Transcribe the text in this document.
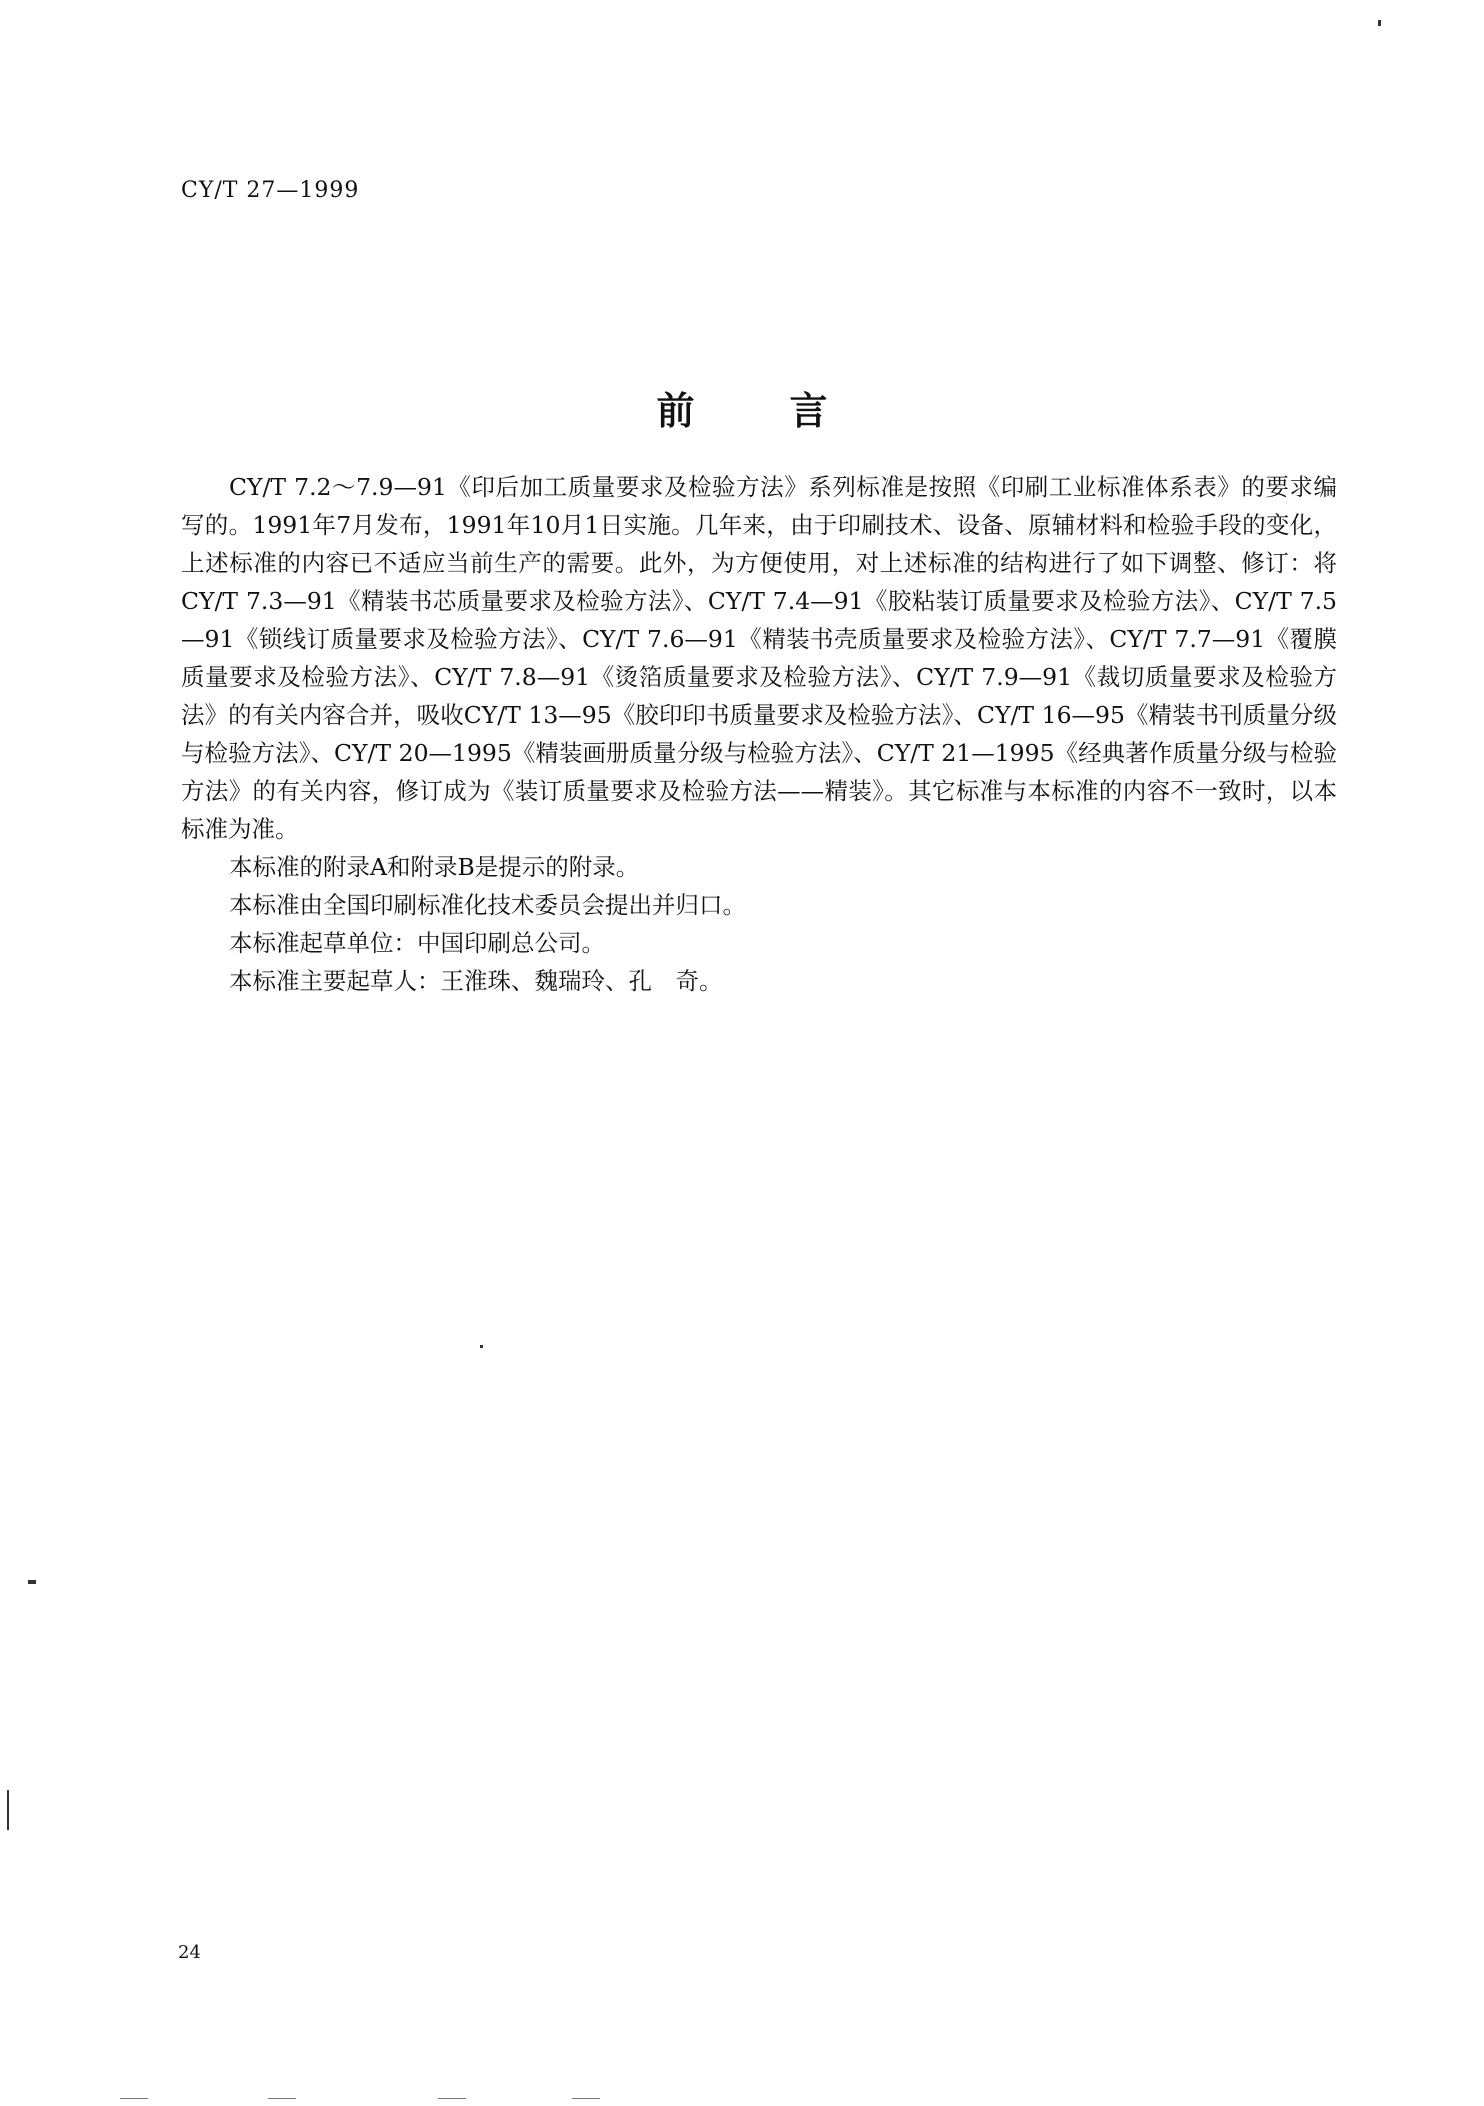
CY/T 27—1999
前言

CY/T 7.2～7.9—91《印后加工质量要求及检验方法》系列标准是按照《印刷工业标准体系表》的要求编写的。1991年7月发布，1991年10月1日实施。几年来，由于印刷技术、设备、原辅材料和检验手段的变化，上述标准的内容已不适应当前生产的需要。此外，为方便使用，对上述标准的结构进行了如下调整、修订：将CY/T 7.3—91《精装书芯质量要求及检验方法》、CY/T 7.4—91《胶粘装订质量要求及检验方法》、CY/T 7.5—91《锁线订质量要求及检验方法》、CY/T 7.6—91《精装书壳质量要求及检验方法》、CY/T 7.7—91《覆膜质量要求及检验方法》、CY/T 7.8—91《烫箔质量要求及检验方法》、CY/T 7.9—91《裁切质量要求及检验方法》的有关内容合并，吸收CY/T 13—95《胶印印书质量要求及检验方法》、CY/T 16—95《精装书刊质量分级与检验方法》、CY/T 20—1995《精装画册质量分级与检验方法》、CY/T 21—1995《经典著作质量分级与检验方法》的有关内容，修订成为《装订质量要求及检验方法——精装》。其它标准与本标准的内容不一致时，以本标准为准。

本标准的附录A和附录B是提示的附录。

本标准由全国印刷标准化技术委员会提出并归口。

本标准起草单位：中国印刷总公司。

本标准主要起草人：王淮珠、魏瑞玲、孔　奇。

24
